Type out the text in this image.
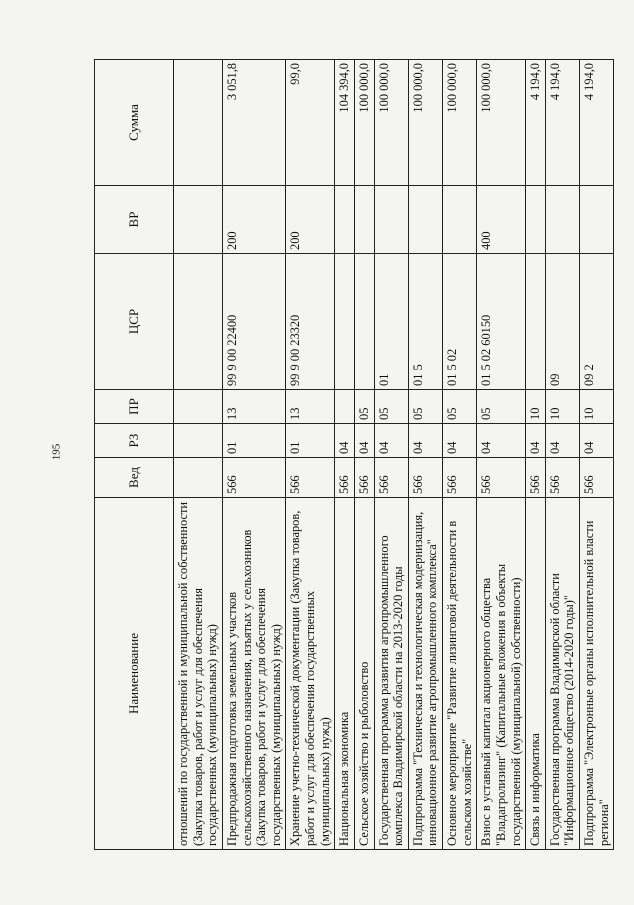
195
Наименование	Вед	РЗ	ПР	ЦСР	ВР	Сумма
отношений по государственной и муниципальной собственности (Закупка товаров, работ и услуг для обеспечения государственных (муниципальных) нужд)						
Предпродажная подготовка земельных участков сельскохозяйственного назначения, изъятых у сельхозников (Закупка товаров, работ и услуг для обеспечения государственных (муниципальных) нужд)	566	01	13	99 9 00 22400	200	3 051,8
Хранение учетно-технической документации (Закупка товаров, работ и услуг для обеспечения государственных (муниципальных) нужд)	566	01	13	99 9 00 23320	200	99,0
Национальная экономика	566	04				104 394,0
Сельское хозяйство и рыболовство	566	04	05			100 000,0
Государственная программа развития агропромышленного комплекса Владимирской области на 2013-2020 годы	566	04	05	01		100 000,0
Подпрограмма "Техническая и технологическая модернизация, инновационное развитие агропромышленного комплекса"	566	04	05	01 5		100 000,0
Основное мероприятие "Развитие лизинговой деятельности в сельском хозяйстве"	566	04	05	01 5 02		100 000,0
Взнос в уставный капитал акционерного общества "Владагролизинг" (Капитальные вложения в объекты государственной (муниципальной) собственности)	566	04	05	01 5 02 60150	400	100 000,0
Связь и информатика	566	04	10			4 194,0
Государственная программа Владимирской области "Информационное общество (2014-2020 годы)"	566	04	10	09		4 194,0
Подпрограмма "Электронные органы исполнительной власти региона"	566	04	10	09 2		4 194,0
